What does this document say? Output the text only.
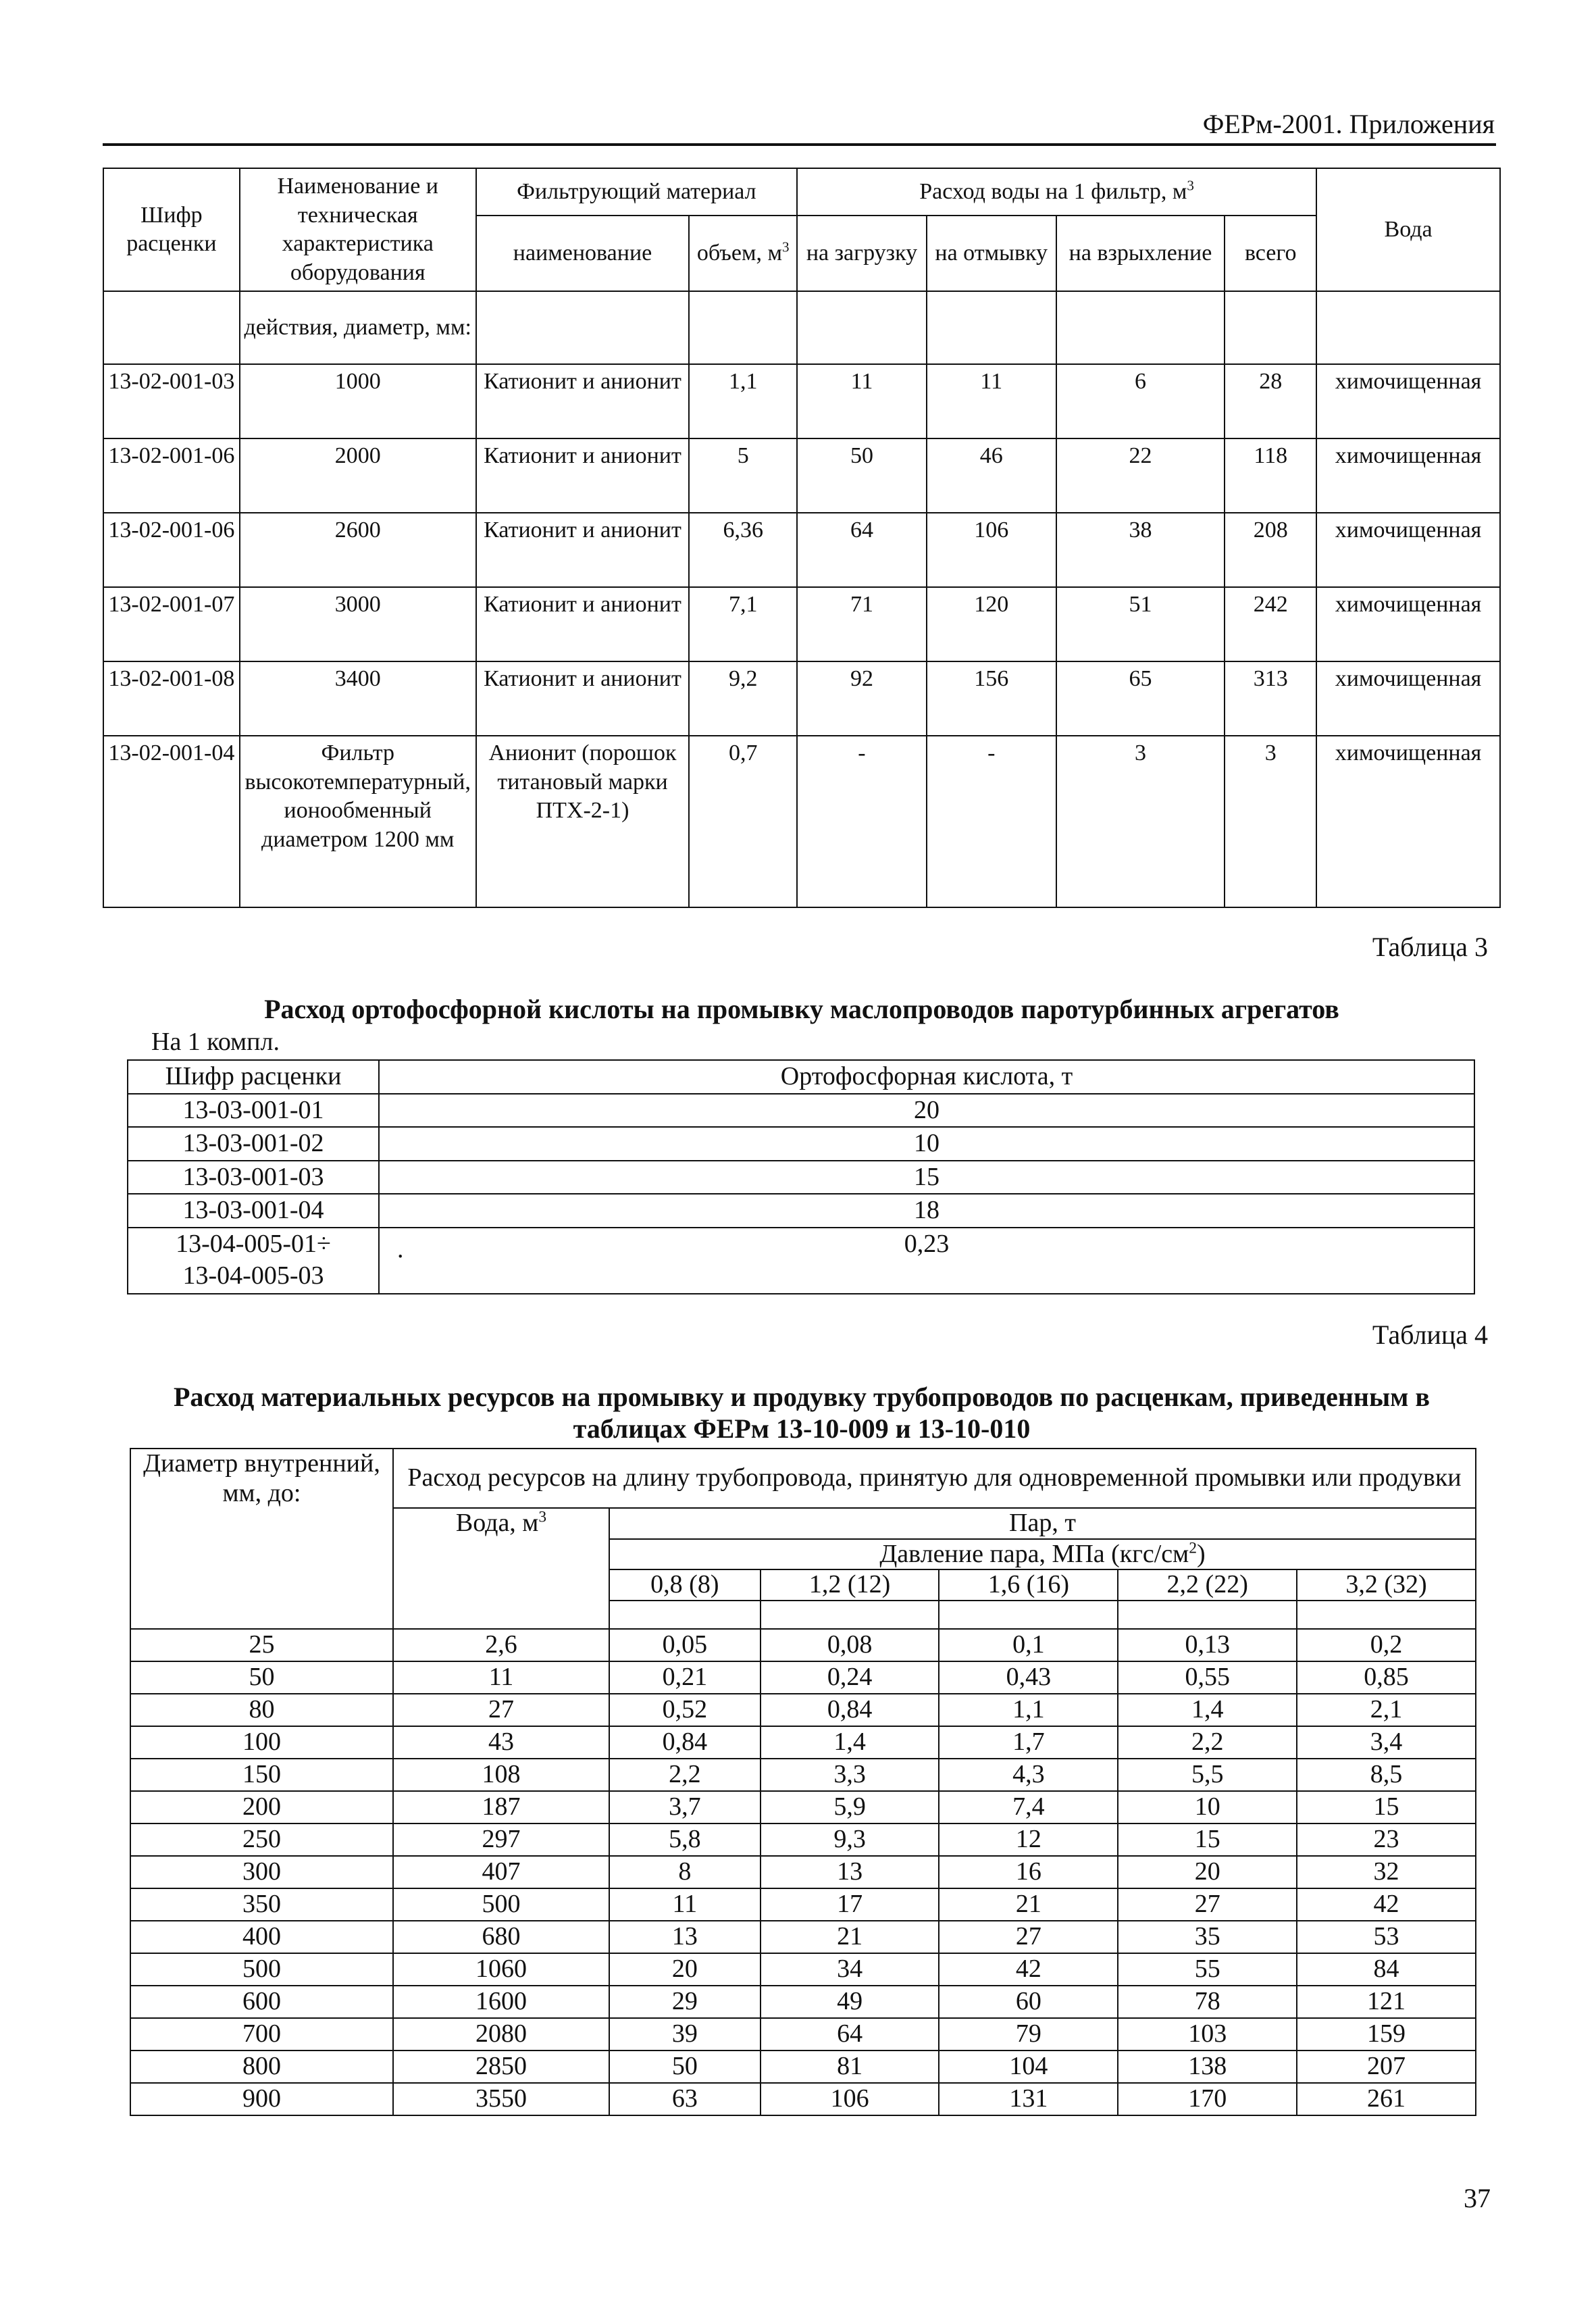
ФЕРм-2001. Приложения
Шифр расценки	Наименование и техническая характеристика оборудования	Фильтрующий материал		Расход воды на 1 фильтр, $м^3$				Вода
		наименование	объем, $м^3$	на загрузку	на отмывку	на взрыхление	всего	
	действия, диаметр, мм:							
13-02-001-03	1000	Катионит и анионит	1,1	11	11	6	28	химочищенная
13-02-001-06	2000	Катионит и анионит	5	50	46	22	118	химочищенная
13-02-001-06	2600	Катионит и анионит	6,36	64	106	38	208	химочищенная
13-02-001-07	3000	Катионит и анионит	7,1	71	120	51	242	химочищенная
13-02-001-08	3400	Катионит и анионит	9,2	92	156	65	313	химочищенная
13-02-001-04	Фильтр высокотемпературный, ионообменный диаметром 1200 мм	Анионит (порошок титановый марки ПТХ-2-1)	0,7	-	-	3	3	химочищенная
Таблица 3
Расход ортофосфорной кислоты на промывку маслопроводов паротурбинных агрегатов
На 1 компл.
Шифр расценки	Ортофосфорная кислота, т
13-03-001-01	20
13-03-001-02	10
13-03-001-03	15
13-03-001-04	18
13-04-005-01÷
13-04-005-03	. 0,23
Таблица 4
Расход материальных ресурсов на промывку и продувку трубопроводов по расценкам, приведенным в
таблицах ФЕРм 13-10-009 и 13-10-010
Диаметр внутренний, мм, до:	Расход ресурсов на длину трубопровода, принятую для одновременной промывки или продувки					
	Вода, $м^3$	Пар, т				
		Давление пара, МПа $(кгс/см^2)$				
		0,8 (8)	1,2 (12)	1,6 (16)	2,2 (22)	3,2 (32)

25	2,6	0,05	0,08	0,1	0,13	0,2
50	11	0,21	0,24	0,43	0,55	0,85
80	27	0,52	0,84	1,1	1,4	2,1
100	43	0,84	1,4	1,7	2,2	3,4
150	108	2,2	3,3	4,3	5,5	8,5
200	187	3,7	5,9	7,4	10	15
250	297	5,8	9,3	12	15	23
300	407	8	13	16	20	32
350	500	11	17	21	27	42
400	680	13	21	27	35	53
500	1060	20	34	42	55	84
600	1600	29	49	60	78	121
700	2080	39	64	79	103	159
800	2850	50	81	104	138	207
900	3550	63	106	131	170	261
37
